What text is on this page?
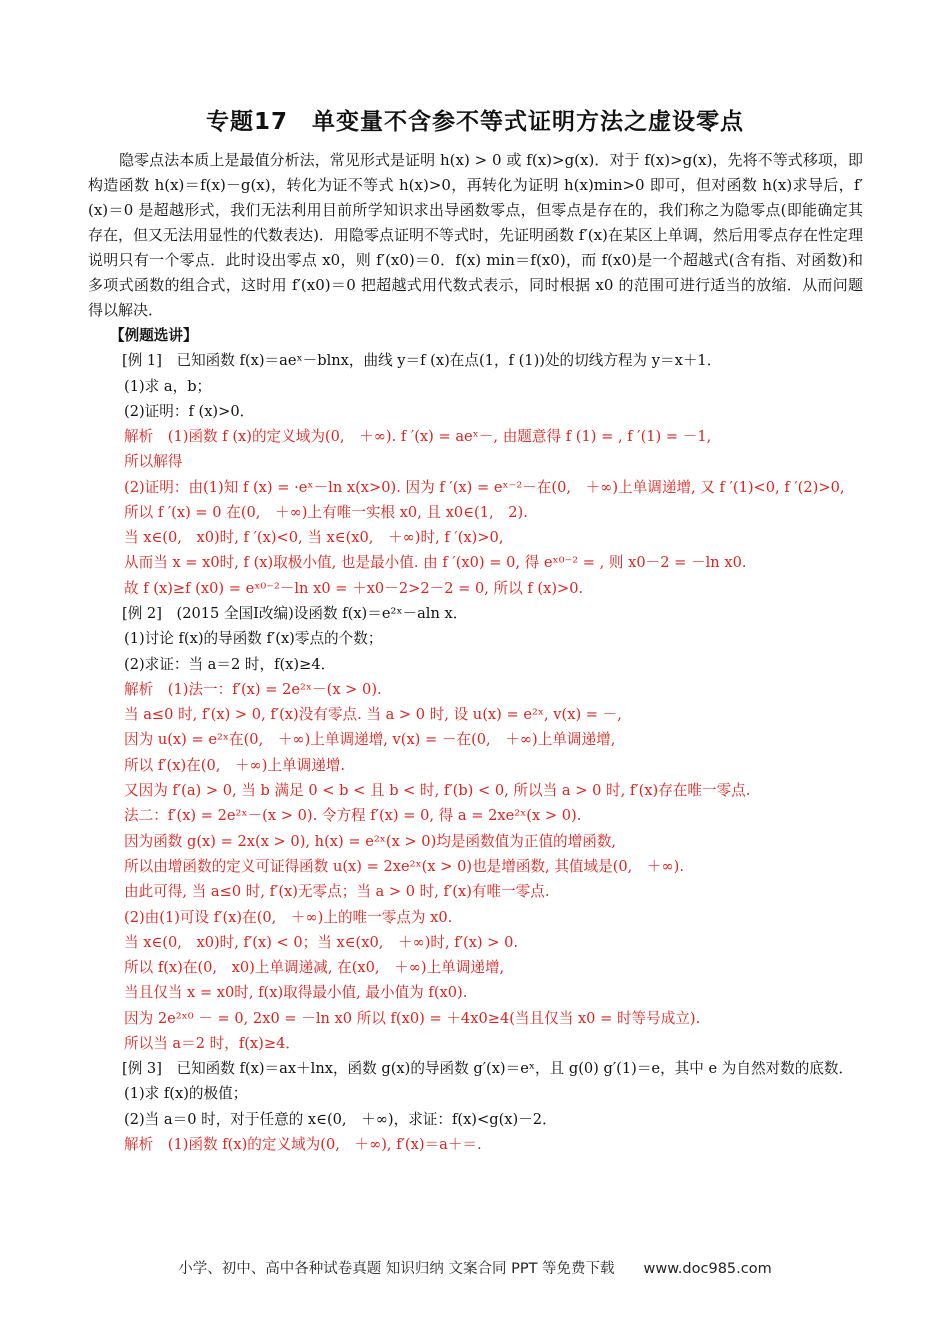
专题17　单变量不含参不等式证明方法之虚设零点
隐零点法本质上是最值分析法，常见形式是证明 h(x) > 0 或 f(x)>g(x)．对于 f(x)>g(x)，先将不等式移项，即构造函数 h(x)＝f(x)－g(x)，转化为证不等式 h(x)>0，再转化为证明 h(x)min>0 即可，但对函数 h(x)求导后，f′(x)＝0 是超越形式，我们无法利用目前所学知识求出导函数零点，但零点是存在的，我们称之为隐零点(即能确定其存在，但又无法用显性的代数表达)．用隐零点证明不等式时，先证明函数 f′(x)在某区上单调，然后用零点存在性定理说明只有一个零点．此时设出零点 x0，则 f′(x0)＝0．f(x) min＝f(x0)，而 f(x0)是一个超越式(含有指、对函数)和多项式函数的组合式，这时用 f′(x0)＝0 把超越式用代数式表示，同时根据 x0 的范围可进行适当的放缩．从而问题得以解决．
【例题选讲】
[例 1]　已知函数 f(x)＝aeˣ－blnx，曲线 y＝f (x)在点(1，f (1))处的切线方程为 y＝x＋1．
(1)求 a，b；
(2)证明：f (x)>0．
解析　(1)函数 f (x)的定义域为(0,　＋∞). f ′(x) = aeˣ－, 由题意得 f (1) = , f ′(1) = －1,
所以解得
(2)证明：由(1)知 f (x) = ·eˣ－ln x(x>0). 因为 f ′(x) = eˣ⁻²－在(0,　＋∞)上单调递增, 又 f ′(1)<0, f ′(2)>0,
所以 f ′(x) = 0 在(0,　＋∞)上有唯一实根 x0, 且 x0∈(1,　2).
当 x∈(0,　x0)时, f ′(x)<0, 当 x∈(x0,　＋∞)时, f ′(x)>0,
从而当 x = x0时, f (x)取极小值, 也是最小值. 由 f ′(x0) = 0, 得 eˣ⁰⁻² = , 则 x0－2 = －ln x0.
故 f (x)≥f (x0) = eˣ⁰⁻²－ln x0 = ＋x0－2>2－2 = 0, 所以 f (x)>0.
[例 2]　(2015 全国Ⅰ改编)设函数 f(x)＝e²ˣ－aln x．
(1)讨论 f(x)的导函数 f′(x)零点的个数；
(2)求证：当 a＝2 时，f(x)≥4．
解析　(1)法一：f′(x) = 2e²ˣ－(x > 0).
当 a≤0 时, f′(x) > 0, f′(x)没有零点. 当 a > 0 时, 设 u(x) = e²ˣ, v(x) = －,
因为 u(x) = e²ˣ在(0,　＋∞)上单调递增, v(x) = －在(0,　＋∞)上单调递增,
所以 f′(x)在(0,　＋∞)上单调递增.
又因为 f′(a) > 0, 当 b 满足 0 < b < 且 b < 时, f′(b) < 0, 所以当 a > 0 时, f′(x)存在唯一零点.
法二：f′(x) = 2e²ˣ－(x > 0). 令方程 f′(x) = 0, 得 a = 2xe²ˣ(x > 0).
因为函数 g(x) = 2x(x > 0), h(x) = e²ˣ(x > 0)均是函数值为正值的增函数,
所以由增函数的定义可证得函数 u(x) = 2xe²ˣ(x > 0)也是增函数, 其值域是(0,　＋∞).
由此可得, 当 a≤0 时, f′(x)无零点；当 a > 0 时, f′(x)有唯一零点.
(2)由(1)可设 f′(x)在(0,　＋∞)上的唯一零点为 x0.
当 x∈(0,　x0)时, f′(x) < 0；当 x∈(x0,　＋∞)时, f′(x) > 0.
所以 f(x)在(0,　x0)上单调递减, 在(x0,　＋∞)上单调递增,
当且仅当 x = x0时, f(x)取得最小值, 最小值为 f(x0).
因为 2e²ˣ⁰ － = 0, 2x0 = －ln x0 所以 f(x0) = ＋4x0≥4(当且仅当 x0 = 时等号成立).
所以当 a＝2 时，f(x)≥4．
[例 3]　已知函数 f(x)＝ax＋lnx，函数 g(x)的导函数 g′(x)＝eˣ，且 g(0) g′(1)＝e，其中 e 为自然对数的底数．
(1)求 f(x)的极值；
(2)当 a＝0 时，对于任意的 x∈(0,　＋∞)，求证：f(x)<g(x)－2．
解析　(1)函数 f(x)的定义域为(0,　＋∞), f′(x)＝a＋＝.
小学、初中、高中各种试卷真题 知识归纳 文案合同 PPT 等免费下载　　www.doc985.com
